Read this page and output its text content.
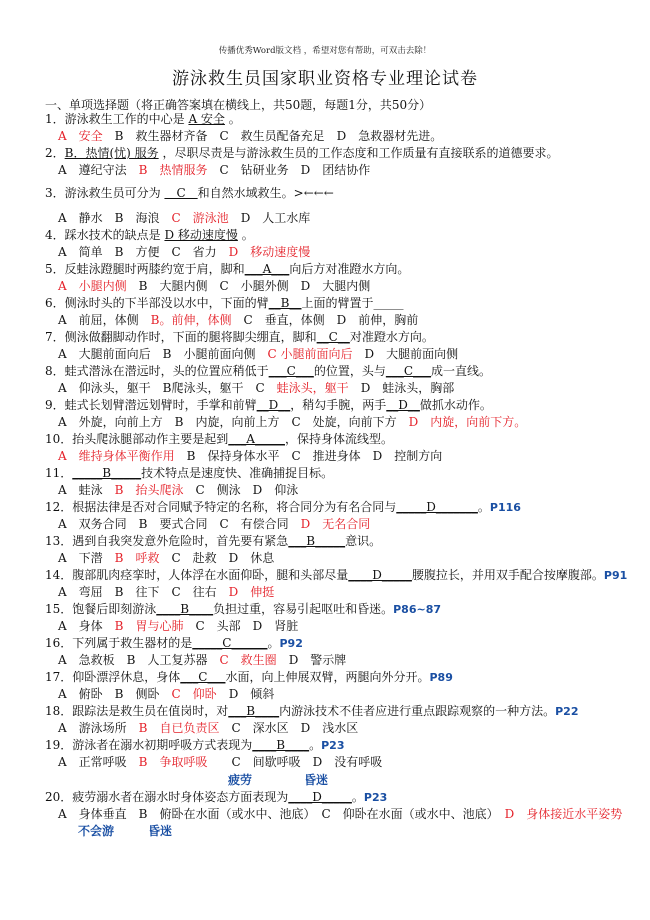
传播优秀Word版文档 ，希望对您有帮助，可双击去除！
游泳救生员国家职业资格专业理论试卷
一、单项选择题（将正确答案填在横线上，共50题，每题1分，共50分）
1．游泳救生工作的中心是 A 安全 。
A　安全　B　救生器材齐备　C　救生员配备充足　D　急救器材先进。
2．B．热情(忧) 服务 ，尽职尽责是与游泳救生员的工作态度和工作质量有直接联系的道德要求。
A　遵纪守法　B　热情服务　C　钻研业务　D　团结协作
3．游泳救生员可分为 　C　和自然水域救生。>←←←
A　静水　B　海浪　C　游泳池　D　人工水库
4．踩水技术的缺点是 D 移动速度慢 。
A　简单　B　方便　C　省力　D　移动速度慢
5．反蛙泳蹬腿时两膝约宽于肩，脚和___A___向后方对准蹬水方向。
A　小腿内侧　B　大腿内侧　C　小腿外侧　D　大腿内侧
6．侧泳时头的下半部没以水中，下面的臂__B__上面的臂置于_____
A　前屈，体侧　B。前伸，体侧　C　垂直，体侧　D　前伸，胸前
7．侧泳做翻脚动作时，下面的腿将脚尖绷直，脚和__C__对准蹬水方向。
A　大腿前面向后　B　小腿前面向侧　C 小腿前面向后　D　大腿前面向侧
8．蛙式潜泳在潜远时，头的位置应稍低于___C___的位置，头与___C___成一直线。
A　仰泳头，躯干　B爬泳头，躯干　C　蛙泳头，躯干　D　蛙泳头，胸部
9．蛙式长划臂潜远划臂时，手掌和前臂__D__，稍勾手腕，两手__D__做抓水动作。
A　外旋，向前上方　B　内旋，向前上方　C　处旋，向前下方　D　内旋，向前下方。
10．抬头爬泳腿部动作主要是起到___A_____，保持身体流线型。
A　维持身体平衡作用　B　保持身体水平　C　推进身体　D　控制方向
11．_____B_____技术特点是速度快、准确捕捉目标。
A　蛙泳　B　抬头爬泳　C　侧泳　D　仰泳
12．根据法律是否对合同赋予特定的名称，将合同分为有名合同与_____D_______。P116
A　双务合同　B　要式合同　C　有偿合同　D　无名合同
13．遇到自我突发意外危险时，首先要有紧急___B_____意识。
A　下潜　B　呼救　C　赴救　D　休息
14．腹部肌肉痉挛时，人体浮在水面仰卧，腿和头部尽量____D_____腰腹拉长，并用双手配合按摩腹部。P91
A　弯屈　B　往下　C　往右　D　伸挺
15．饱餐后即刻游泳____B____负担过重，容易引起呕吐和昏迷。P86~87
A　身体　B　胃与心肺　C　头部　D　肾脏
16．下列属于救生器材的是_____C______。P92
A　急救板　B　人工复苏器　C　救生圈　D　警示牌
17．仰卧漂浮休息，身体___C___水面，向上伸展双臂，两腿向外分开。P89
A　俯卧　B　侧卧　C　仰卧　D　倾斜
18．跟踪法是救生员在值岗时，对___B____内游泳技术不佳者应进行重点跟踪观察的一种方法。P22
A　游泳场所　B　自已负责区　C　深水区　D　浅水区
19．游泳者在溺水初期呼吸方式表现为____B____。P23
A　正常呼吸　B　争取呼吸　　C　间歇呼吸　D　没有呼吸
疲劳	昏迷
20．疲劳溺水者在溺水时身体姿态方面表现为____D_____。P23
A　身体垂直　B　俯卧在水面（或水中、池底）　C　仰卧在水面（或水中、池底）　D　身体接近水平姿势
不会游	昏迷
